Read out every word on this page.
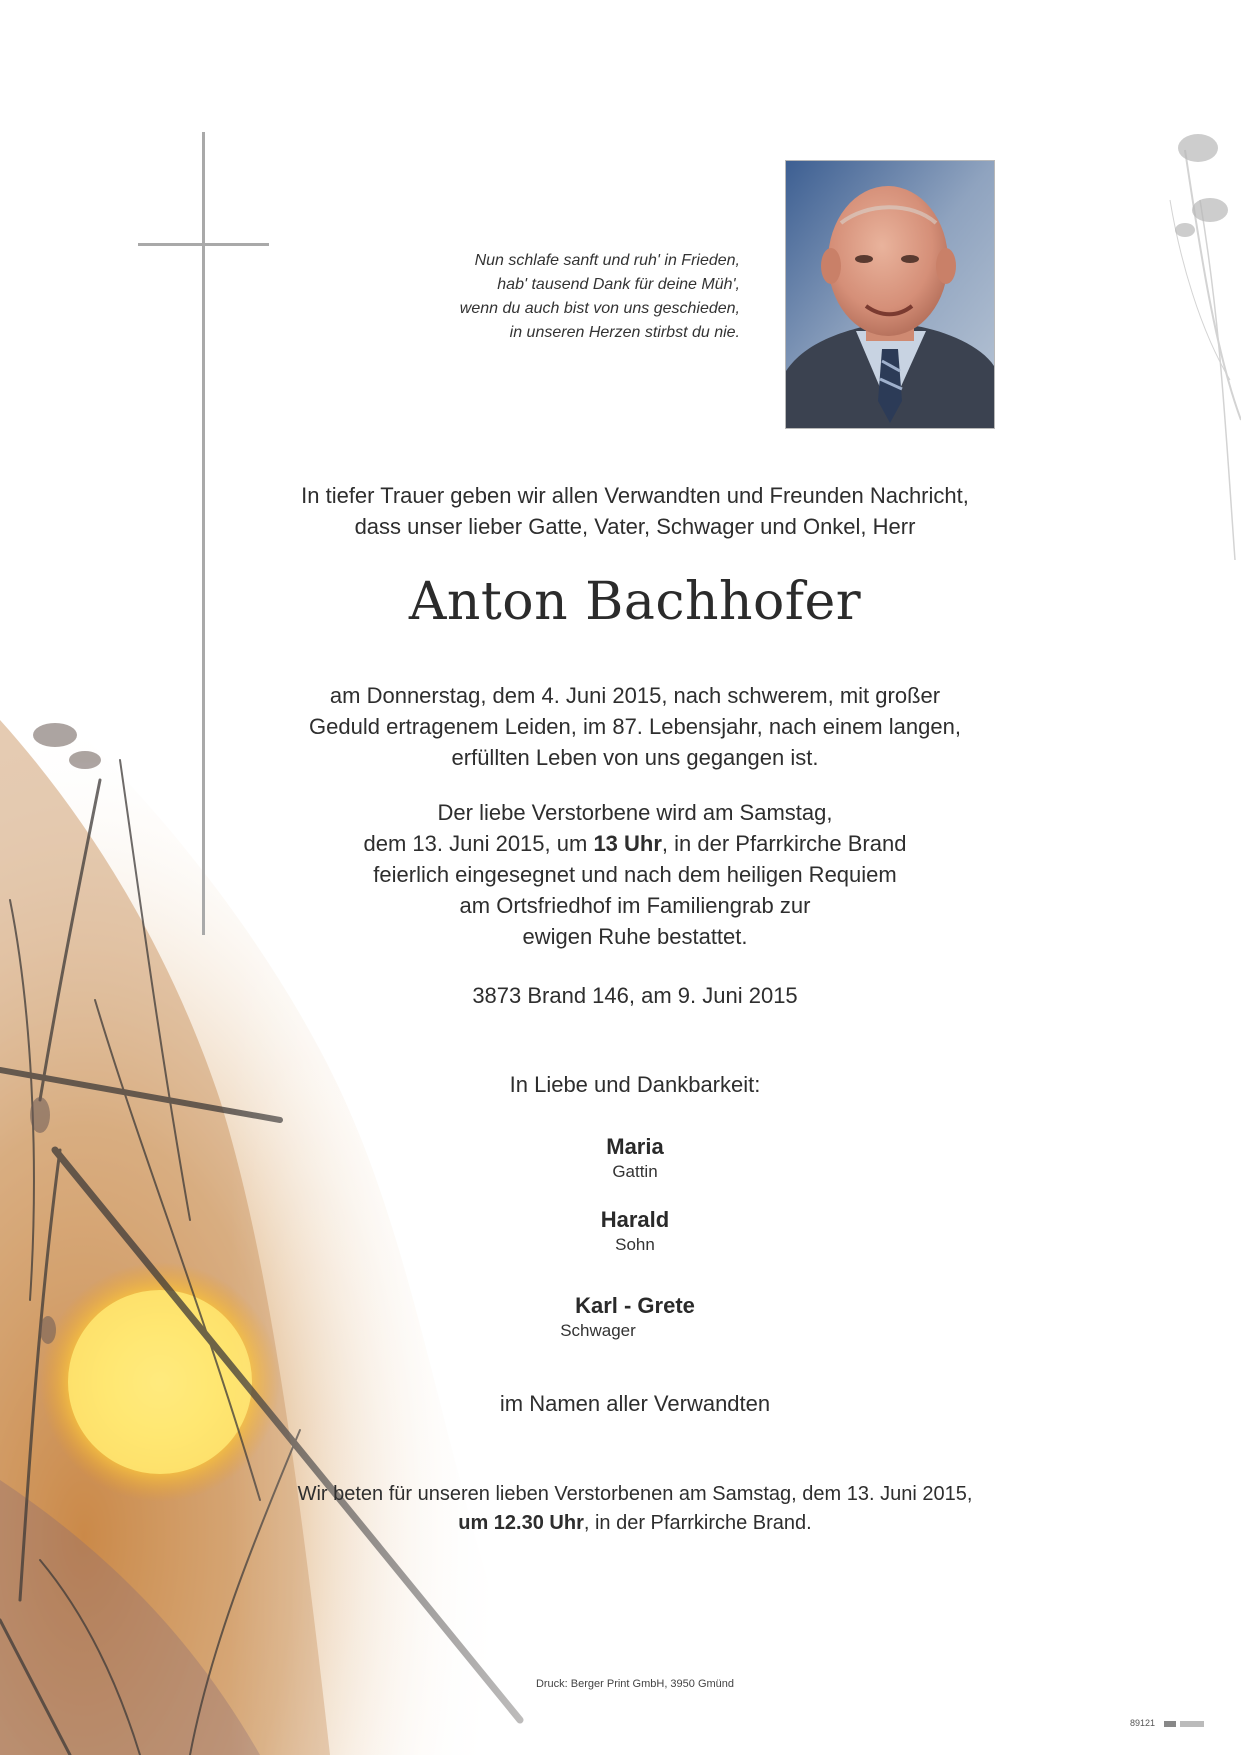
Nun schlafe sanft und ruh' in Frieden,
hab' tausend Dank für deine Müh',
wenn du auch bist von uns geschieden,
in unseren Herzen stirbst du nie.
In tiefer Trauer geben wir allen Verwandten und Freunden Nachricht,
dass unser lieber Gatte, Vater, Schwager und Onkel, Herr
Anton Bachhofer
am Donnerstag, dem 4. Juni 2015, nach schwerem, mit großer
Geduld ertragenem Leiden, im 87. Lebensjahr, nach einem langen,
erfüllten Leben von uns gegangen ist.
Der liebe Verstorbene wird am Samstag,
dem 13. Juni 2015, um 13 Uhr, in der Pfarrkirche Brand
feierlich eingesegnet und nach dem heiligen Requiem
am Ortsfriedhof im Familiengrab zur
ewigen Ruhe bestattet.
3873 Brand 146, am 9. Juni 2015
In Liebe und Dankbarkeit:
Maria
Gattin
Harald
Sohn
Karl - Grete
Schwager
im Namen aller Verwandten
Wir beten für unseren lieben Verstorbenen am Samstag, dem 13. Juni 2015,
um 12.30 Uhr, in der Pfarrkirche Brand.
Druck: Berger Print GmbH, 3950 Gmünd
89121
